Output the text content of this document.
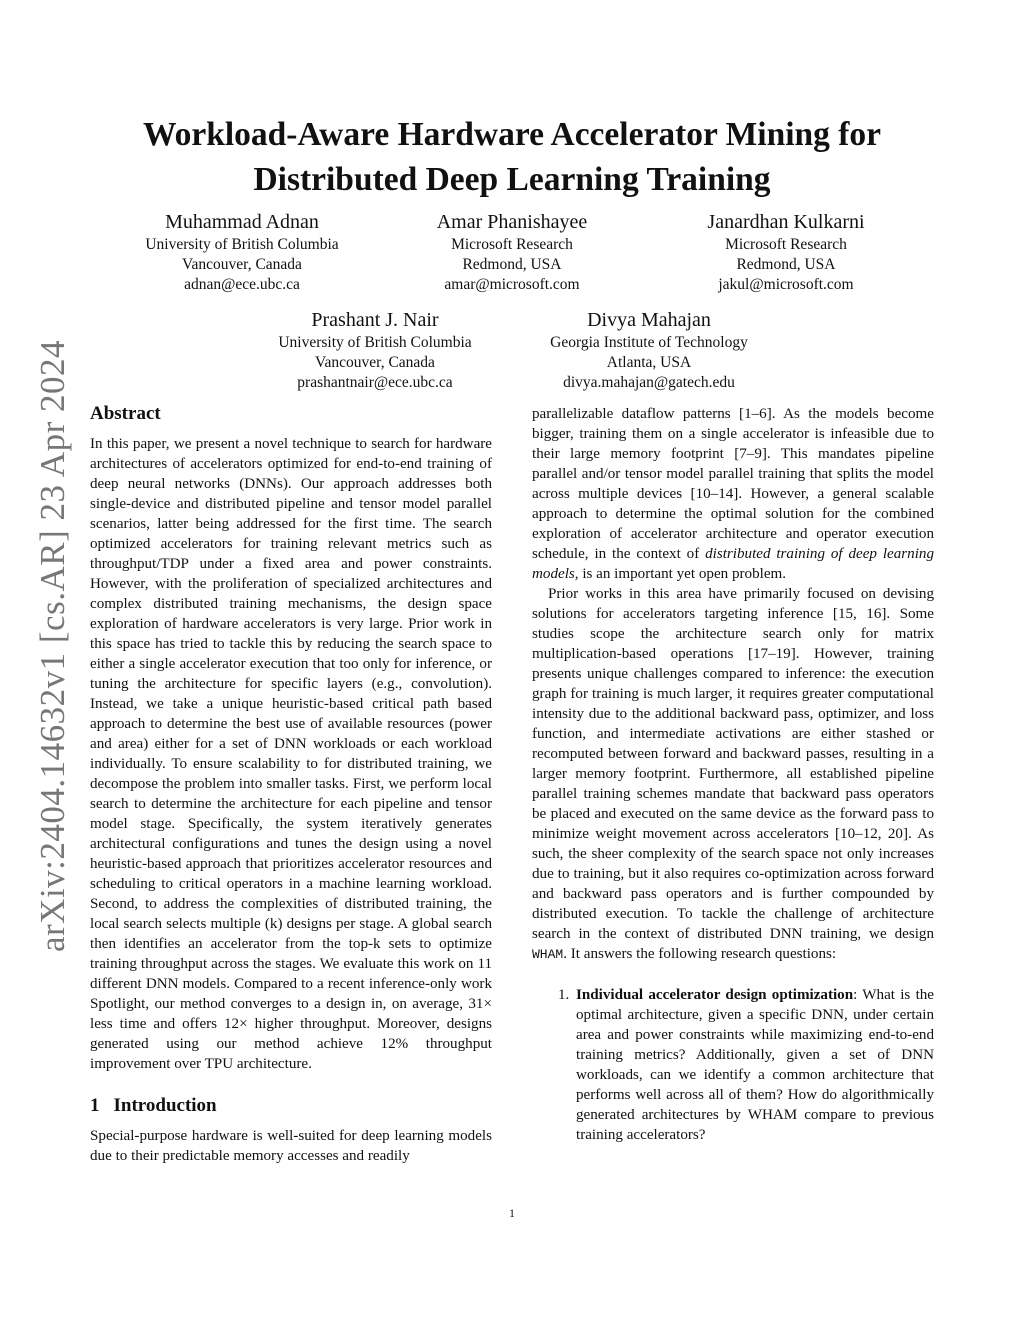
Workload-Aware Hardware Accelerator Mining for
Distributed Deep Learning Training
Muhammad Adnan
University of British Columbia
Vancouver, Canada
adnan@ece.ubc.ca
Amar Phanishayee
Microsoft Research
Redmond, USA
amar@microsoft.com
Janardhan Kulkarni
Microsoft Research
Redmond, USA
jakul@microsoft.com
Prashant J. Nair
University of British Columbia
Vancouver, Canada
prashantnair@ece.ubc.ca
Divya Mahajan
Georgia Institute of Technology
Atlanta, USA
divya.mahajan@gatech.edu
arXiv:2404.14632v1 [cs.AR] 23 Apr 2024 Abstract

In this paper, we present a novel technique to search for hardware architectures of accelerators optimized for end-to-end training of deep neural networks (DNNs). Our approach addresses both single-device and distributed pipeline and tensor model parallel scenarios, latter being addressed for the first time. The search optimized accelerators for training relevant metrics such as throughput/TDP under a fixed area and power constraints. However, with the proliferation of specialized architectures and complex distributed training mechanisms, the design space exploration of hardware accelerators is very large. Prior work in this space has tried to tackle this by reducing the search space to either a single accelerator execution that too only for inference, or tuning the architecture for specific layers (e.g., convolution). Instead, we take a unique heuristic-based critical path based approach to determine the best use of available resources (power and area) either for a set of DNN workloads or each workload individually. To ensure scalability to for distributed training, we decompose the problem into smaller tasks. First, we perform local search to determine the architecture for each pipeline and tensor model stage. Specifically, the system iteratively generates architectural configurations and tunes the design using a novel heuristic-based approach that prioritizes accelerator resources and scheduling to critical operators in a machine learning workload. Second, to address the complexities of distributed training, the local search selects multiple (k) designs per stage. A global search then identifies an accelerator from the top-k sets to optimize training throughput across the stages. We evaluate this work on 11 different DNN models. Compared to a recent inference-only work Spotlight, our method converges to a design in, on average, 31× less time and offers 12× higher throughput. Moreover, designs generated using our method achieve 12% throughput improvement over TPU architecture.

1 Introduction

Special-purpose hardware is well-suited for deep learning models due to their predictable memory accesses and readily

parallelizable dataflow patterns [1–6]. As the models become bigger, training them on a single accelerator is infeasible due to their large memory footprint [7–9]. This mandates pipeline parallel and/or tensor model parallel training that splits the model across multiple devices [10–14]. However, a general scalable approach to determine the optimal solution for the combined exploration of accelerator architecture and operator execution schedule, in the context of distributed training of deep learning models, is an important yet open problem.

Prior works in this area have primarily focused on devising solutions for accelerators targeting inference [15, 16]. Some studies scope the architecture search only for matrix multiplication-based operations [17–19]. However, training presents unique challenges compared to inference: the execution graph for training is much larger, it requires greater computational intensity due to the additional backward pass, optimizer, and loss function, and intermediate activations are either stashed or recomputed between forward and backward passes, resulting in a larger memory footprint. Furthermore, all established pipeline parallel training schemes mandate that backward pass operators be placed and executed on the same device as the forward pass to minimize weight movement across accelerators [10–12, 20]. As such, the sheer complexity of the search space not only increases due to training, but it also requires co-optimization across forward and backward pass operators and is further compounded by distributed execution. To tackle the challenge of architecture search in the context of distributed DNN training, we design WHAM. It answers the following research questions:

1. Individual accelerator design optimization: What is the optimal architecture, given a specific DNN, under certain area and power constraints while maximizing end-to-end training metrics? Additionally, given a set of DNN workloads, can we identify a common architecture that performs well across all of them? How do algorithmically generated architectures by WHAM compare to previous training accelerators?
1
